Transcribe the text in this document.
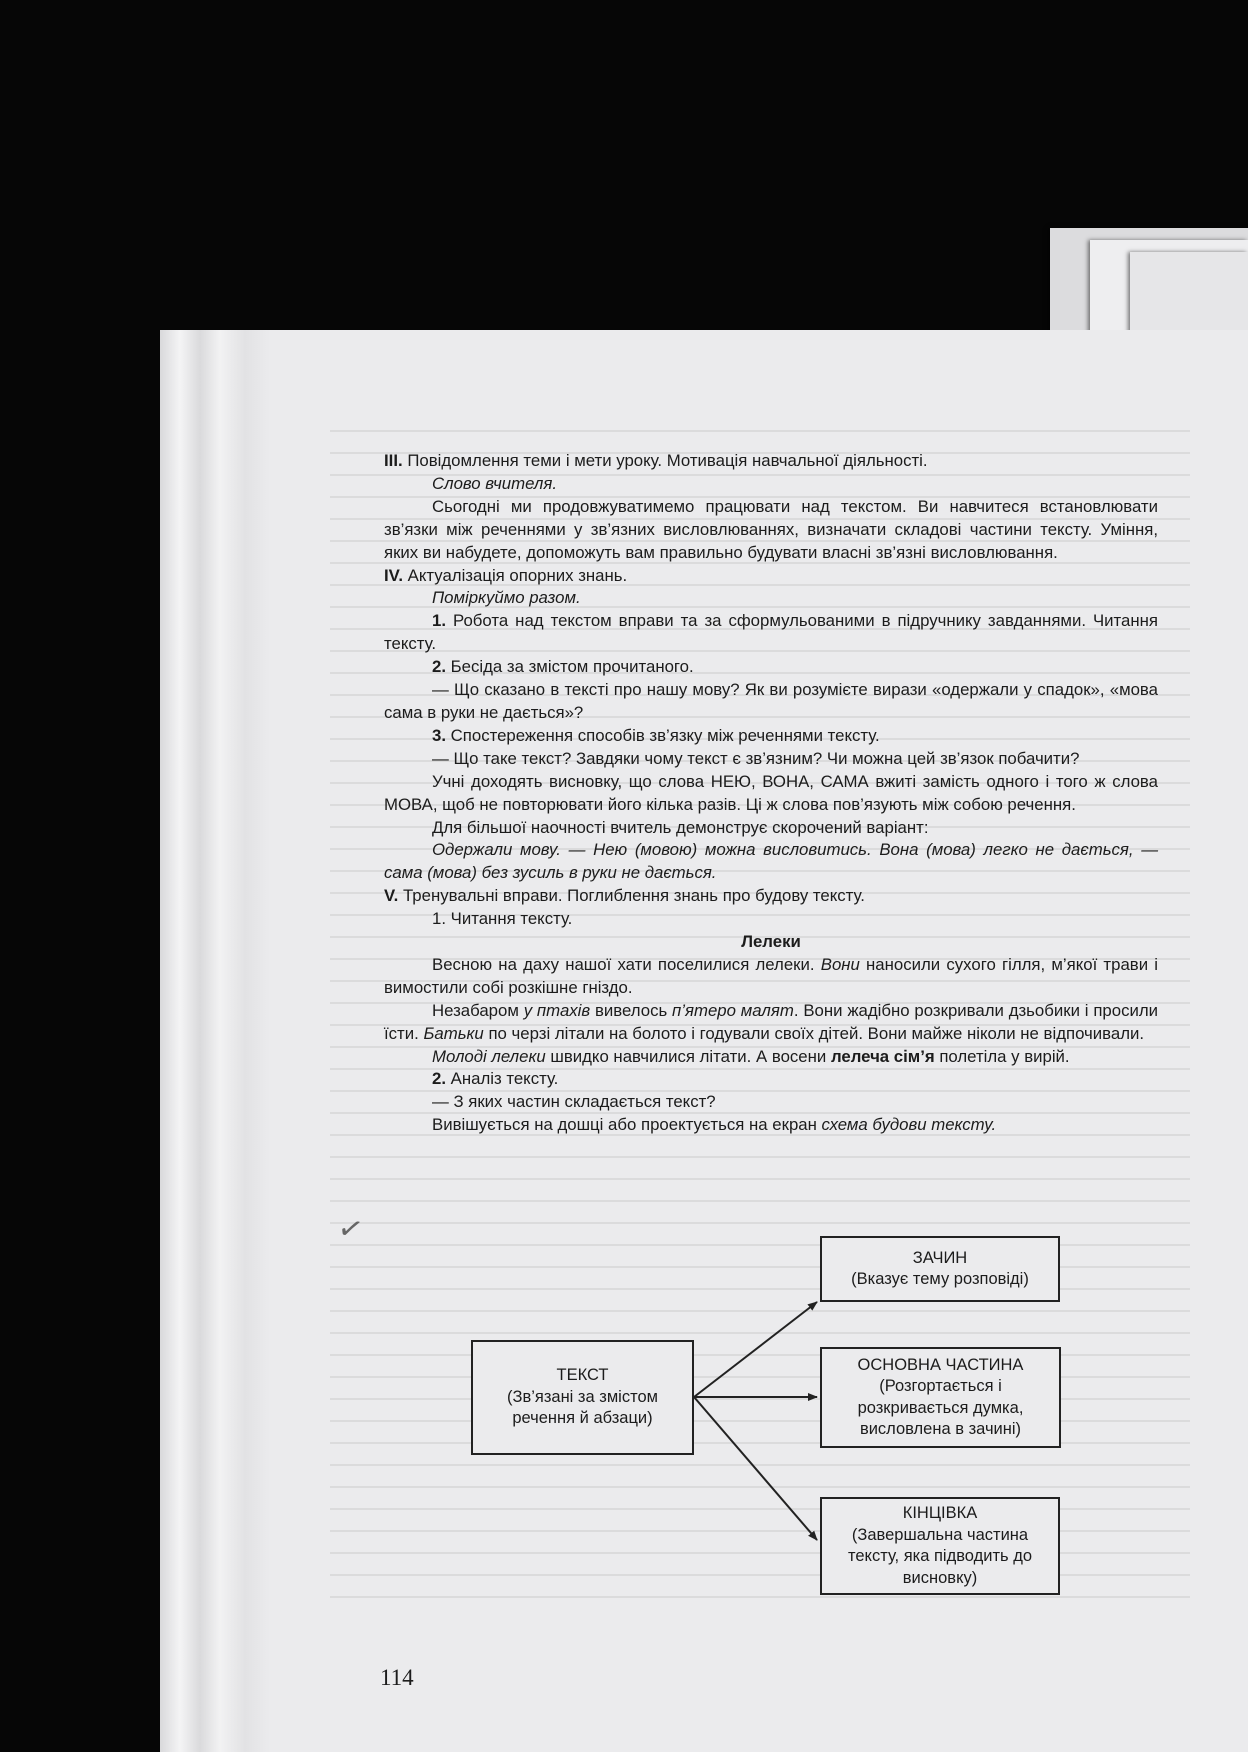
III. Повідомлення теми і мети уроку. Мотивація навчальної діяльності.

Слово вчителя.

Сьогодні ми продовжуватимемо працювати над текстом. Ви навчитеся встановлювати зв’язки між реченнями у зв’язних висловлюваннях, визначати складові частини тексту. Уміння, яких ви набудете, допоможуть вам правильно будувати власні зв’язні висловлювання.

IV. Актуалізація опорних знань.

Поміркуймо разом.

1. Робота над текстом вправи та за сформульованими в підручнику завданнями. Читання тексту.

2. Бесіда за змістом прочитаного.

— Що сказано в тексті про нашу мову? Як ви розумієте вирази «одержали у спадок», «мова сама в руки не дається»?

3. Спостереження способів зв’язку між реченнями тексту.

— Що таке текст? Завдяки чому текст є зв’язним? Чи можна цей зв’язок побачити?

Учні доходять висновку, що слова НЕЮ, ВОНА, САМА вжиті замість одного і того ж слова МОВА, щоб не повторювати його кілька разів. Ці ж слова пов’язують між собою речення.

Для більшої наочності вчитель демонструє скорочений варіант:

Одержали мову. — Нею (мовою) можна висловитись. Вона (мова) легко не дається, — сама (мова) без зусиль в руки не дається.

V. Тренувальні вправи. Поглиблення знань про будову тексту.

1. Читання тексту.

Лелеки

Весною на даху нашої хати поселилися лелеки. Вони наносили сухого гілля, м’якої трави і вимостили собі розкішне гніздо.

Незабаром у птахів вивелось п’ятеро малят. Вони жадібно розкривали дзьобики і просили їсти. Батьки по черзі літали на болото і годували своїх дітей. Вони майже ніколи не відпочивали.

Молоді лелеки швидко навчилися літати. А восени лелеча сім’я полетіла у вирій.

2. Аналіз тексту.

— З яких частин складається текст?

Вивішується на дошці або проектується на екран схема будови тексту.

ТЕКСТ
(Зв’язані за змістом речення й абзаци)
ЗАЧИН
(Вказує тему розповіді)
ОСНОВНА ЧАСТИНА
(Розгортається і розкривається думка, висловлена в зачині)
КІНЦІВКА
(Завершальна частина тексту, яка підводить до висновку)
✓
114
